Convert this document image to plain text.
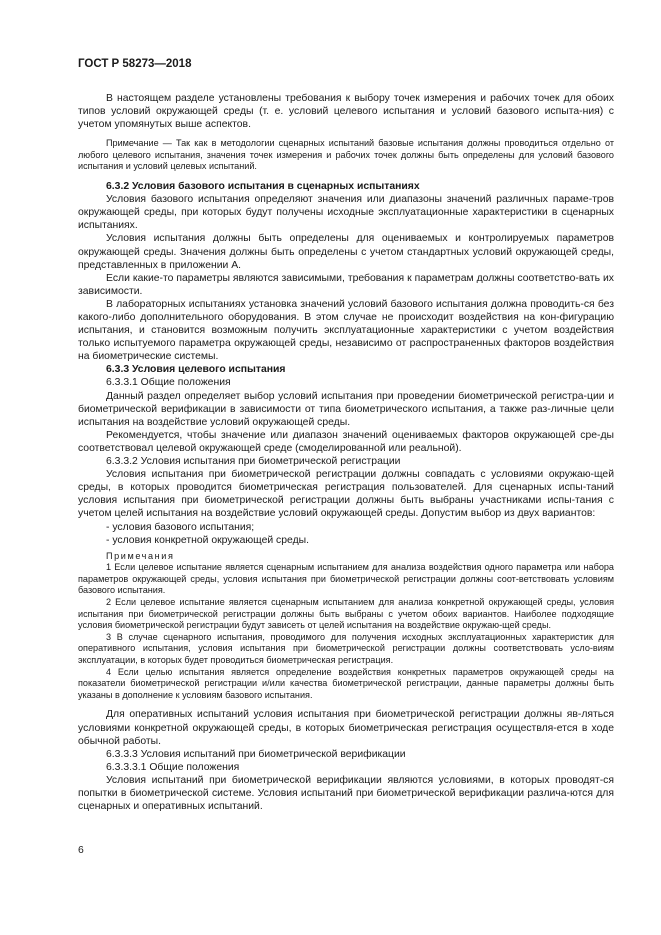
ГОСТ Р 58273—2018

В настоящем разделе установлены требования к выбору точек измерения и рабочих точек для обоих типов условий окружающей среды (т. е. условий целевого испытания и условий базового испыта-ния) с учетом упомянутых выше аспектов.

Примечание — Так как в методологии сценарных испытаний базовые испытания должны проводиться отдельно от любого целевого испытания, значения точек измерения и рабочих точек должны быть определены для условий базового испытания и условий целевых испытаний.

6.3.2 Условия базового испытания в сценарных испытаниях

Условия базового испытания определяют значения или диапазоны значений различных параме-тров окружающей среды, при которых будут получены исходные эксплуатационные характеристики в сценарных испытаниях.

Условия испытания должны быть определены для оцениваемых и контролируемых параметров окружающей среды. Значения должны быть определены с учетом стандартных условий окружающей среды, представленных в приложении А.

Если какие-то параметры являются зависимыми, требования к параметрам должны соответство-вать их зависимости.

В лабораторных испытаниях установка значений условий базового испытания должна проводить-ся без какого-либо дополнительного оборудования. В этом случае не происходит воздействия на кон-фигурацию испытания, и становится возможным получить эксплуатационные характеристики с учетом воздействия только испытуемого параметра окружающей среды, независимо от распространенных факторов воздействия на биометрические системы.

6.3.3 Условия целевого испытания

6.3.3.1 Общие положения

Данный раздел определяет выбор условий испытания при проведении биометрической регистра-ции и биометрической верификации в зависимости от типа биометрического испытания, а также раз-личные цели испытания на воздействие условий окружающей среды.

Рекомендуется, чтобы значение или диапазон значений оцениваемых факторов окружающей сре-ды соответствовал целевой окружающей среде (смоделированной или реальной).

6.3.3.2 Условия испытания при биометрической регистрации

Условия испытания при биометрической регистрации должны совпадать с условиями окружаю-щей среды, в которых проводится биометрическая регистрация пользователей. Для сценарных испы-таний условия испытания при биометрической регистрации должны быть выбраны участниками испы-тания с учетом целей испытания на воздействие условий окружающей среды. Допустим выбор из двух вариантов:

- условия базового испытания;

- условия конкретной окружающей среды.

Примечания

1 Если целевое испытание является сценарным испытанием для анализа воздействия одного параметра или набора параметров окружающей среды, условия испытания при биометрической регистрации должны соот-ветствовать условиям базового испытания.

2 Если целевое испытание является сценарным испытанием для анализа конкретной окружающей среды, условия испытания при биометрической регистрации должны быть выбраны с учетом обоих вариантов. Наиболее подходящие условия биометрической регистрации будут зависеть от целей испытания на воздействие окружаю-щей среды.

3 В случае сценарного испытания, проводимого для получения исходных эксплуатационных характеристик для оперативного испытания, условия испытания при биометрической регистрации должны соответствовать усло-виям эксплуатации, в которых будет проводиться биометрическая регистрация.

4 Если целью испытания является определение воздействия конкретных параметров окружающей среды на показатели биометрической регистрации и/или качества биометрической регистрации, данные параметры должны быть указаны в дополнение к условиям базового испытания.

Для оперативных испытаний условия испытания при биометрической регистрации должны яв-ляться условиями конкретной окружающей среды, в которых биометрическая регистрация осуществля-ется в ходе обычной работы.

6.3.3.3 Условия испытаний при биометрической верификации

6.3.3.3.1 Общие положения

Условия испытаний при биометрической верификации являются условиями, в которых проводят-ся попытки в биометрической системе. Условия испытаний при биометрической верификации различа-ются для сценарных и оперативных испытаний.

6
